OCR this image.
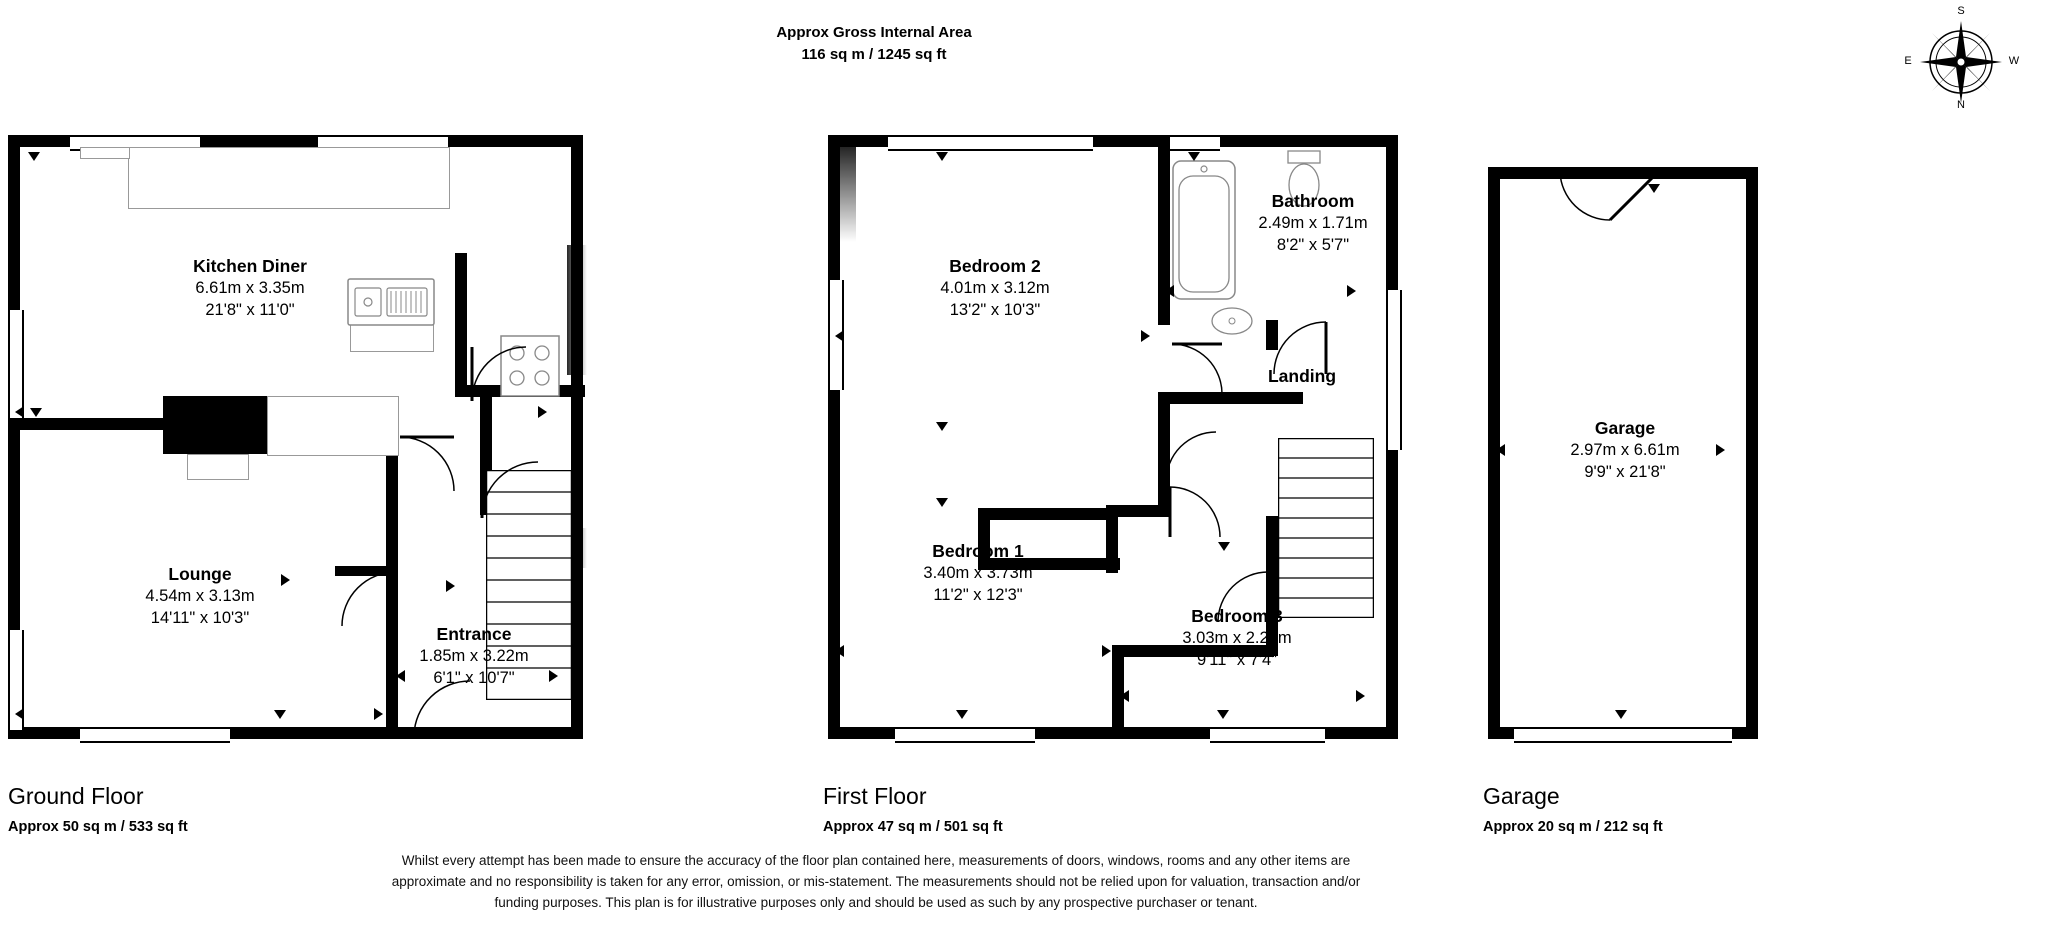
Approx Gross Internal Area
116 sq m / 1245 sq ft
S
N
E	W
Kitchen Diner
6.61m x 3.35m
21'8" x 11'0"
Lounge
4.54m x 3.13m
14'11" x 10'3"
Entrance
1.85m x 3.22m
6'1" x 10'7"
Ground Floor
Approx 50 sq m / 533 sq ft
Bedroom 2
4.01m x 3.12m
13'2" x 10'3"
Bathroom
2.49m x 1.71m
8'2" x 5'7"
Landing
Bedroom 1
3.40m x 3.73m
11'2" x 12'3"
Bedroom 3
3.03m x 2.23m
9'11" x 7'4"
First Floor
Approx 47 sq m / 501 sq ft
Garage
2.97m x 6.61m
9'9" x 21'8"
Garage
Approx 20 sq m / 212 sq ft
Whilst every attempt has been made to ensure the accuracy of the floor plan contained here, measurements of doors, windows, rooms and any other items are approximate and no responsibility is taken for any error, omission, or mis-statement. The measurements should not be relied upon for valuation, transaction and/or funding purposes. This plan is for illustrative purposes only and should be used as such by any prospective purchaser or tenant.
